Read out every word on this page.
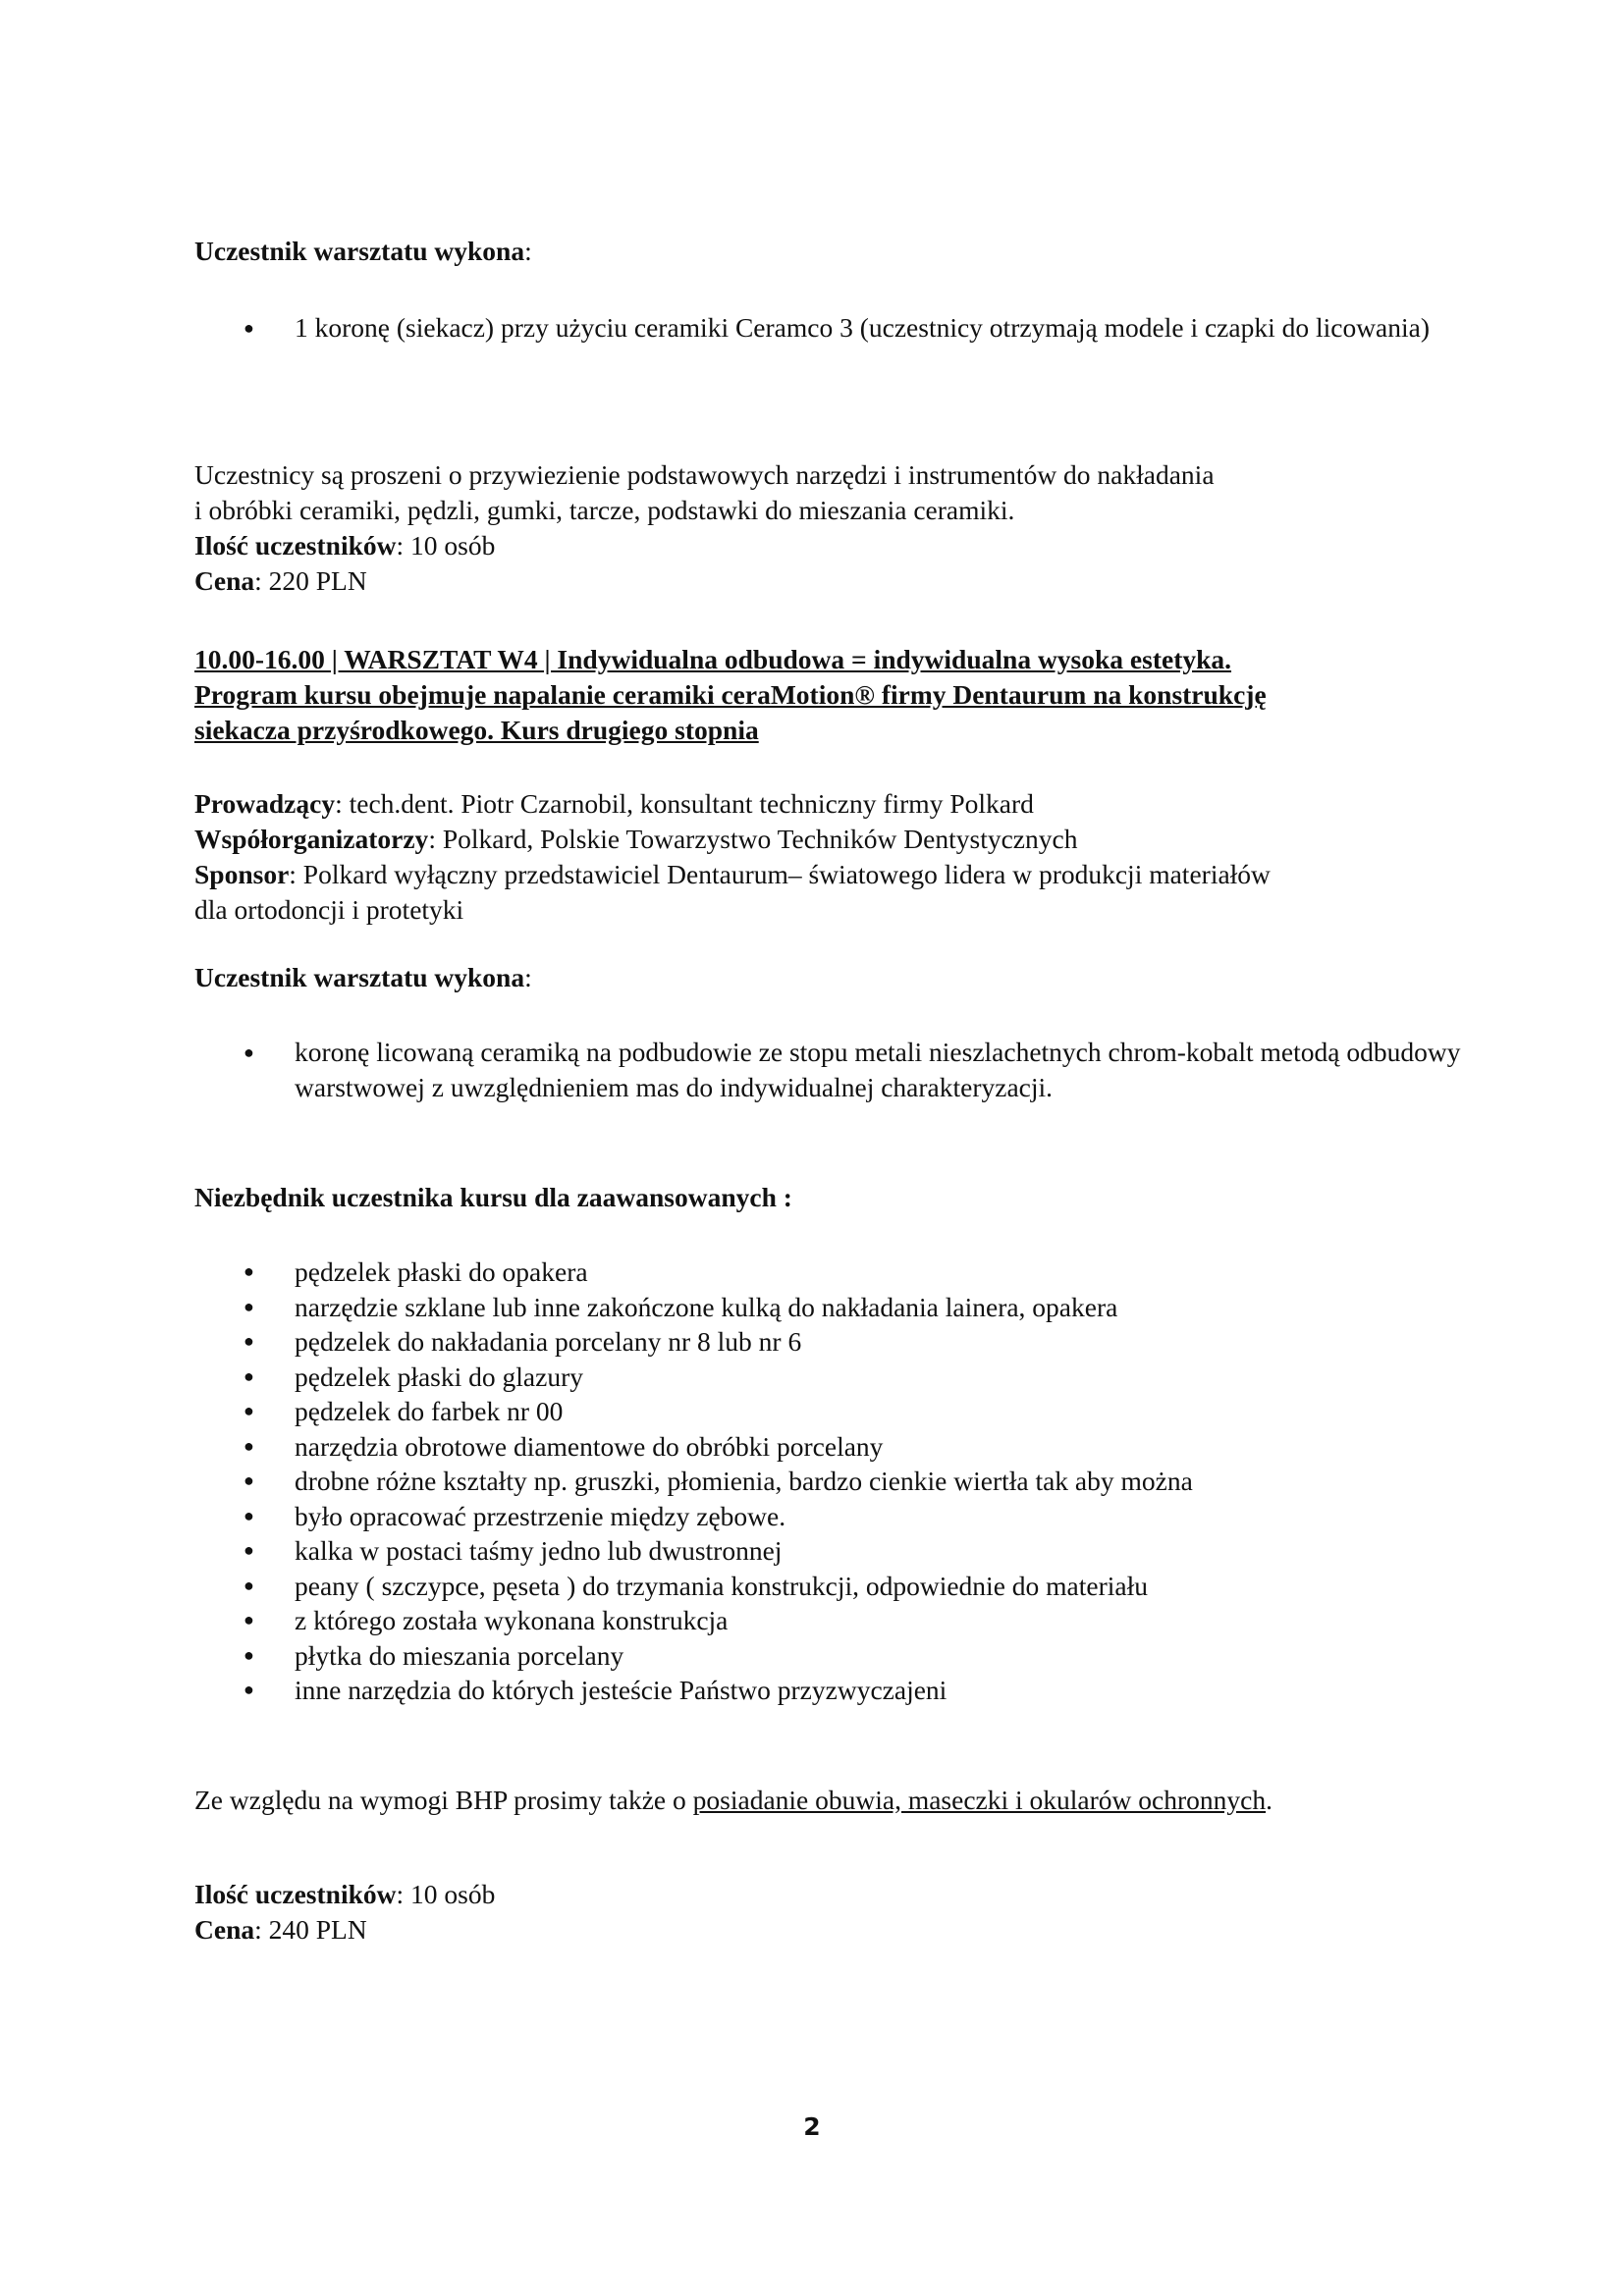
Uczestnik warsztatu wykona:
● 1 koronę (siekacz) przy użyciu ceramiki Ceramco 3 (uczestnicy otrzymają modele i czapki do licowania)
Uczestnicy są proszeni o przywiezienie podstawowych narzędzi i instrumentów do nakładania
i obróbki ceramiki, pędzli, gumki, tarcze, podstawki do mieszania ceramiki.
Ilość uczestników: 10 osób
Cena: 220 PLN
10.00-16.00 | WARSZTAT W4 | Indywidualna odbudowa = indywidualna wysoka estetyka.
Program kursu obejmuje napalanie ceramiki ceraMotion® firmy Dentaurum na konstrukcję
siekacza przyśrodkowego. Kurs drugiego stopnia
Prowadzący: tech.dent. Piotr Czarnobil, konsultant techniczny firmy Polkard
Współorganizatorzy: Polkard, Polskie Towarzystwo Techników Dentystycznych
Sponsor: Polkard wyłączny przedstawiciel Dentaurum– światowego lidera w produkcji materiałów
dla ortodoncji i protetyki
Uczestnik warsztatu wykona:
● koronę licowaną ceramiką na podbudowie ze stopu metali nieszlachetnych chrom-kobalt metodą odbudowy warstwowej z uwzględnieniem mas do indywidualnej charakteryzacji.
Niezbędnik uczestnika kursu dla zaawansowanych :
● pędzelek płaski do opakera
● narzędzie szklane lub inne zakończone kulką do nakładania lainera, opakera
● pędzelek do nakładania porcelany nr 8 lub nr 6
● pędzelek płaski do glazury
● pędzelek do farbek nr 00
● narzędzia obrotowe diamentowe do obróbki porcelany
● drobne różne kształty np. gruszki, płomienia, bardzo cienkie wiertła tak aby można
● było opracować przestrzenie między zębowe.
● kalka w postaci taśmy jedno lub dwustronnej
● peany ( szczypce, pęseta ) do trzymania konstrukcji, odpowiednie do materiału
● z którego została wykonana konstrukcja
● płytka do mieszania porcelany
● inne narzędzia do których jesteście Państwo przyzwyczajeni
Ze względu na wymogi BHP prosimy także o posiadanie obuwia, maseczki i okularów ochronnych.
Ilość uczestników: 10 osób
Cena: 240 PLN
2
